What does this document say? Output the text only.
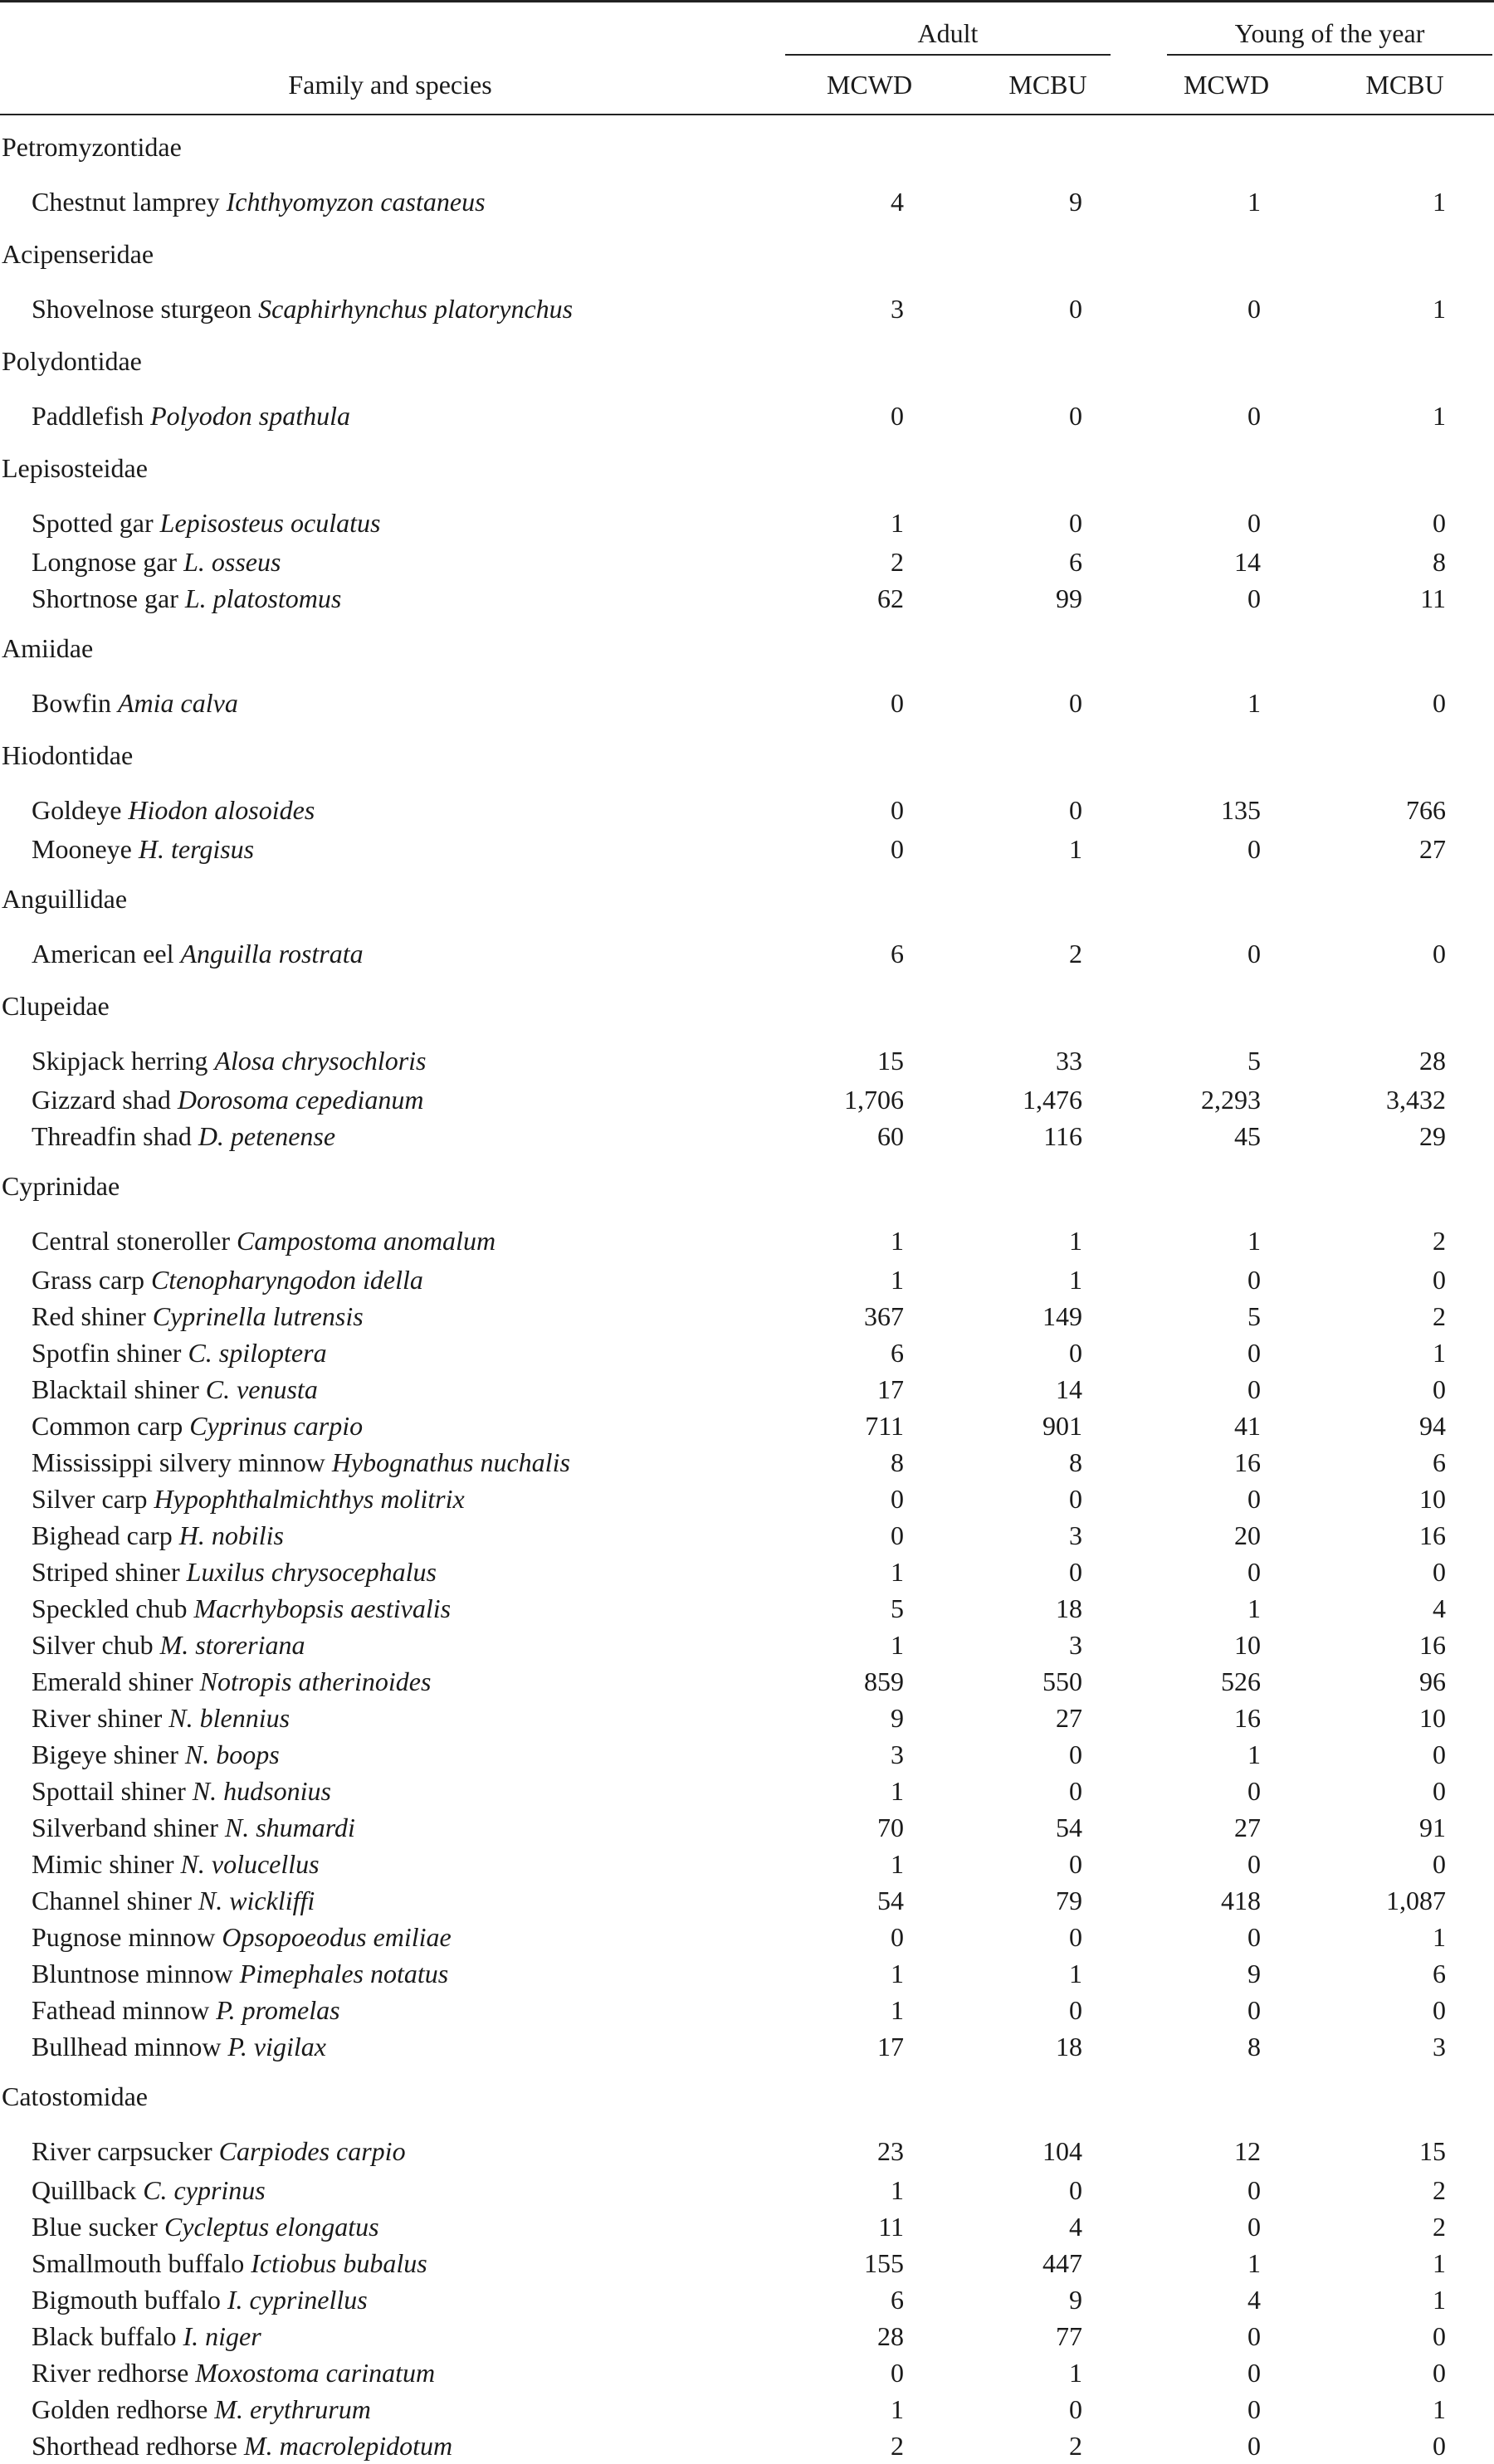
	Adult		Young of the year	

Family and species	MCWD	MCBU	MCWD	MCBU
Petromyzontidae				
Chestnut lamprey Ichthyomyzon castaneus	4	9	1	1
Acipenseridae				
Shovelnose sturgeon Scaphirhynchus platorynchus	3	0	0	1
Polydontidae				
Paddlefish Polyodon spathula	0	0	0	1
Lepisosteidae				
Spotted gar Lepisosteus oculatus	1	0	0	0
Longnose gar L. osseus	2	6	14	8
Shortnose gar L. platostomus	62	99	0	11
Amiidae				
Bowfin Amia calva	0	0	1	0
Hiodontidae				
Goldeye Hiodon alosoides	0	0	135	766
Mooneye H. tergisus	0	1	0	27
Anguillidae				
American eel Anguilla rostrata	6	2	0	0
Clupeidae				
Skipjack herring Alosa chrysochloris	15	33	5	28
Gizzard shad Dorosoma cepedianum	1,706	1,476	2,293	3,432
Threadfin shad D. petenense	60	116	45	29
Cyprinidae				
Central stoneroller Campostoma anomalum	1	1	1	2
Grass carp Ctenopharyngodon idella	1	1	0	0
Red shiner Cyprinella lutrensis	367	149	5	2
Spotfin shiner C. spiloptera	6	0	0	1
Blacktail shiner C. venusta	17	14	0	0
Common carp Cyprinus carpio	711	901	41	94
Mississippi silvery minnow Hybognathus nuchalis	8	8	16	6
Silver carp Hypophthalmichthys molitrix	0	0	0	10
Bighead carp H. nobilis	0	3	20	16
Striped shiner Luxilus chrysocephalus	1	0	0	0
Speckled chub Macrhybopsis aestivalis	5	18	1	4
Silver chub M. storeriana	1	3	10	16
Emerald shiner Notropis atherinoides	859	550	526	96
River shiner N. blennius	9	27	16	10
Bigeye shiner N. boops	3	0	1	0
Spottail shiner N. hudsonius	1	0	0	0
Silverband shiner N. shumardi	70	54	27	91
Mimic shiner N. volucellus	1	0	0	0
Channel shiner N. wickliffi	54	79	418	1,087
Pugnose minnow Opsopoeodus emiliae	0	0	0	1
Bluntnose minnow Pimephales notatus	1	1	9	6
Fathead minnow P. promelas	1	0	0	0
Bullhead minnow P. vigilax	17	18	8	3
Catostomidae				
River carpsucker Carpiodes carpio	23	104	12	15
Quillback C. cyprinus	1	0	0	2
Blue sucker Cycleptus elongatus	11	4	0	2
Smallmouth buffalo Ictiobus bubalus	155	447	1	1
Bigmouth buffalo I. cyprinellus	6	9	4	1
Black buffalo I. niger	28	77	0	0
River redhorse Moxostoma carinatum	0	1	0	0
Golden redhorse M. erythrurum	1	0	0	1
Shorthead redhorse M. macrolepidotum	2	2	0	0
